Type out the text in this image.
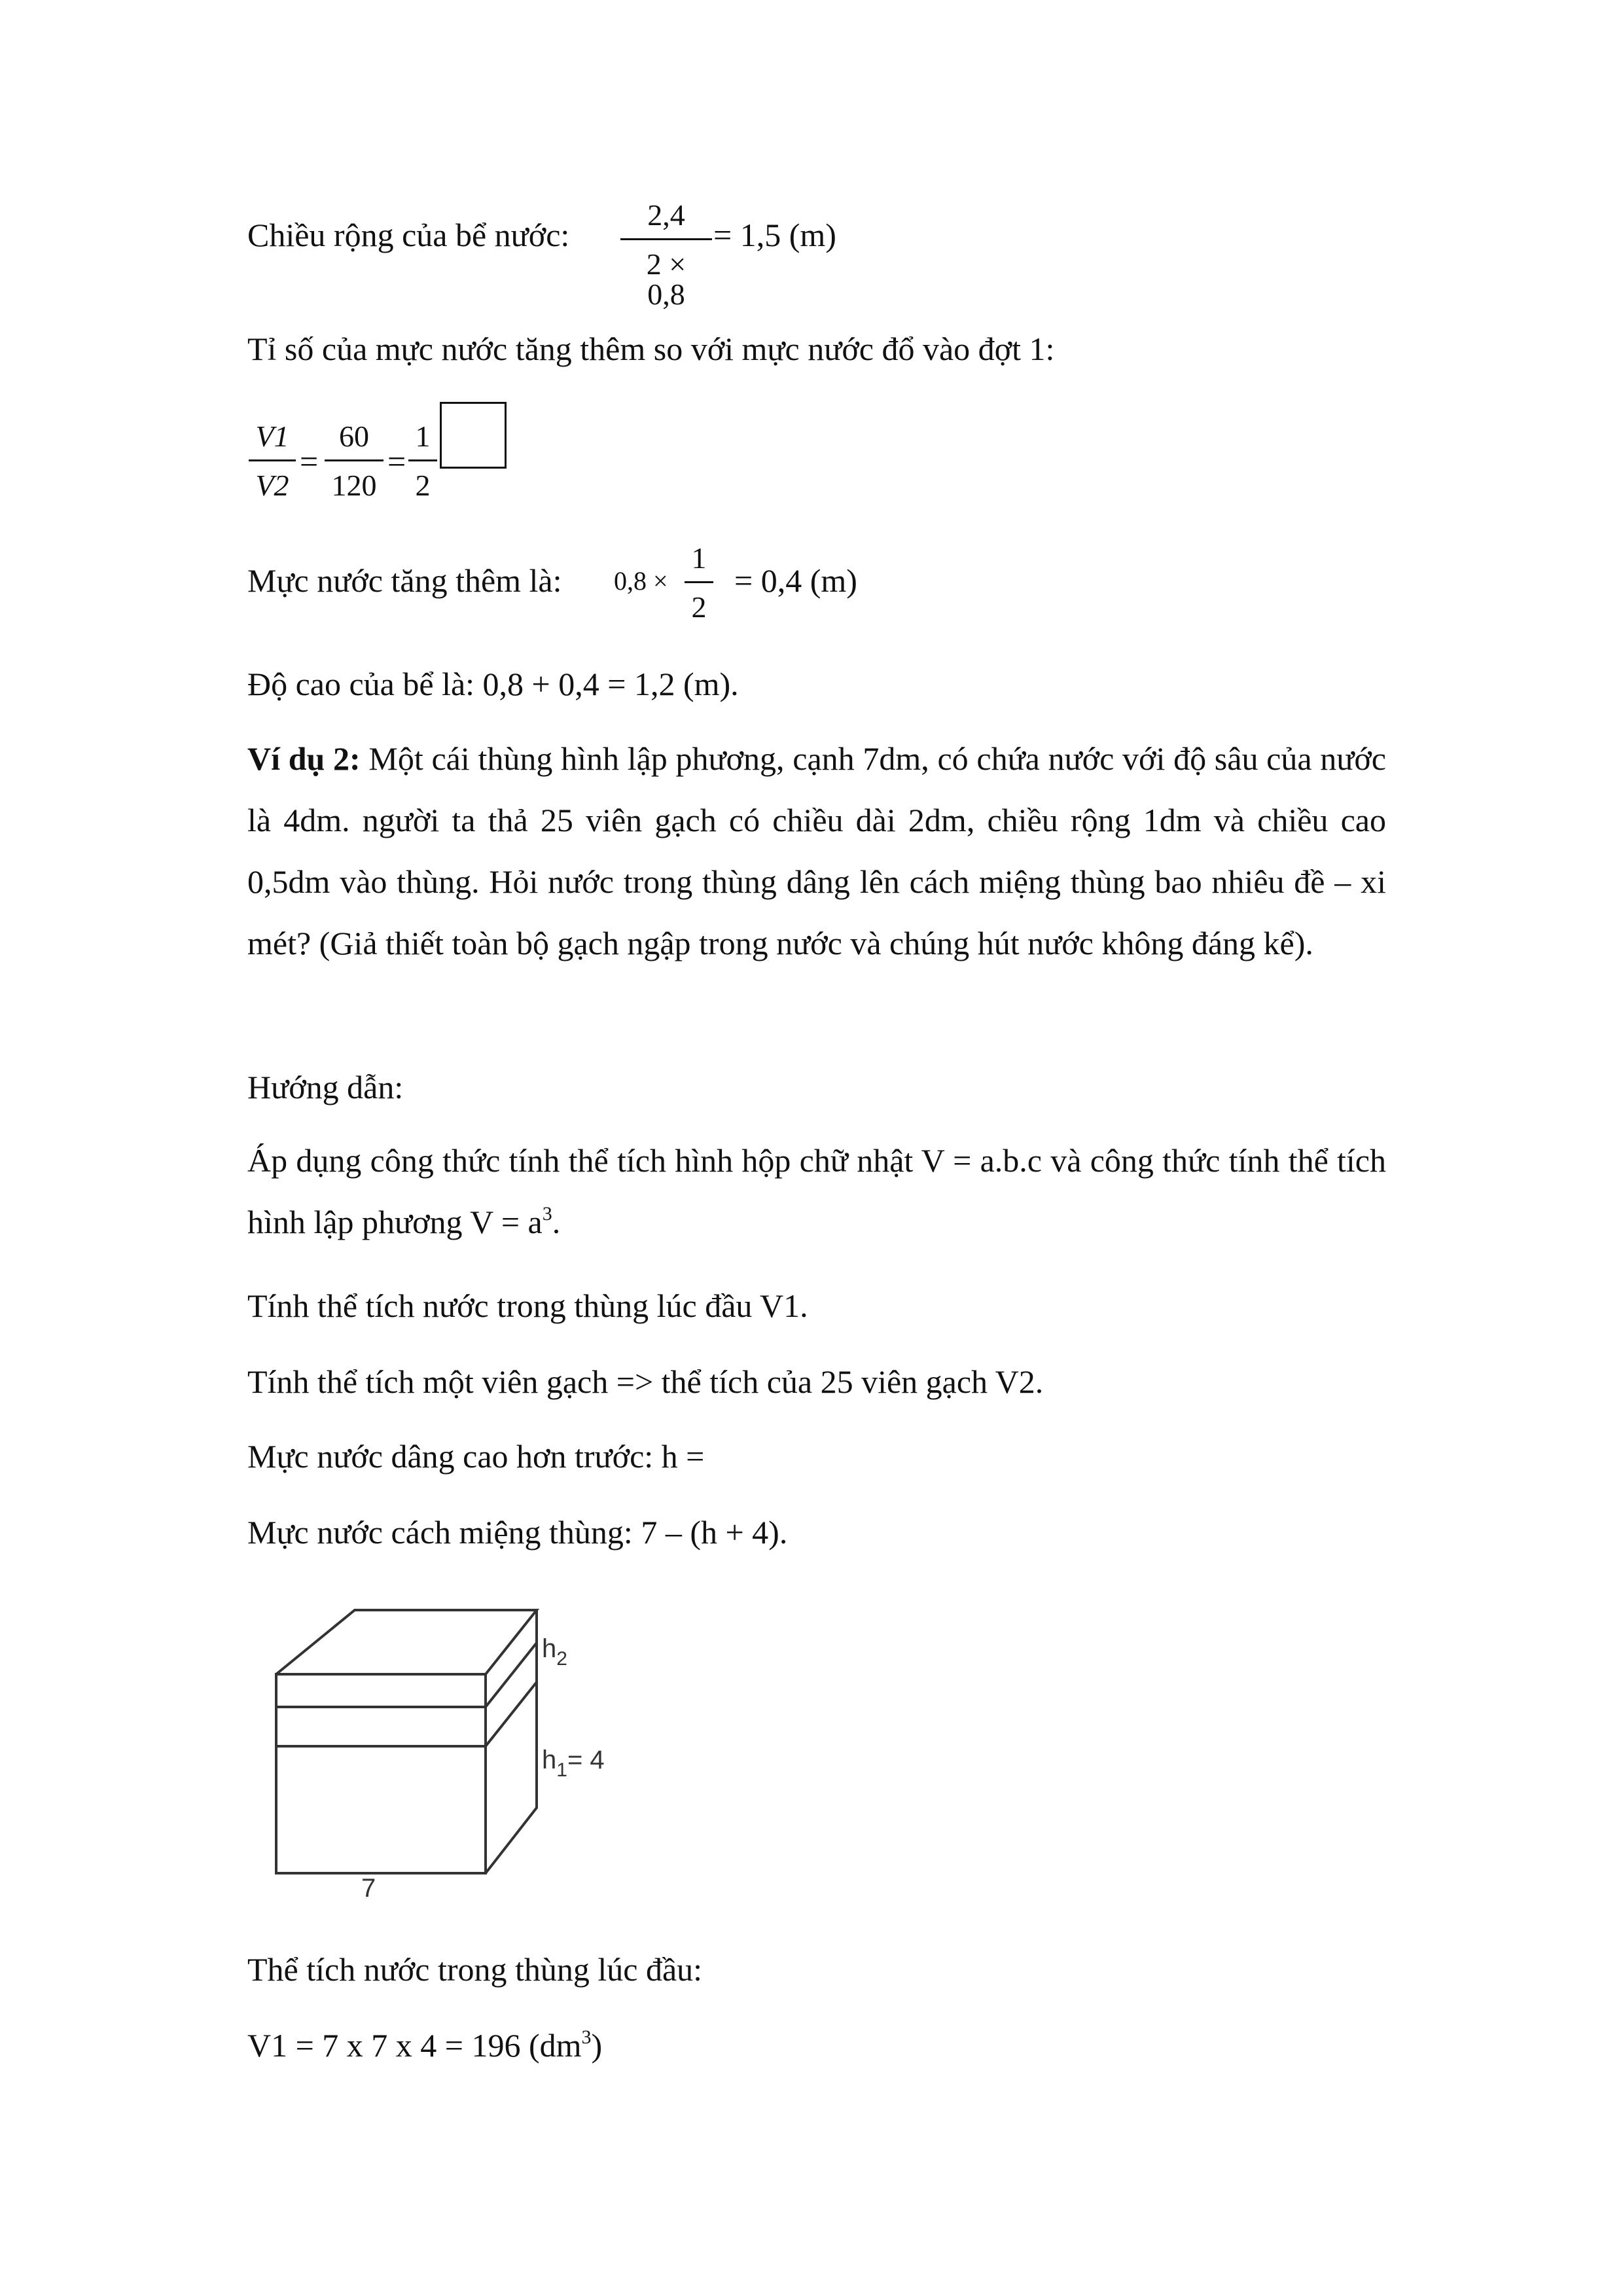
Chiều rộng của bể nước:
2,4
2 × 0,8
= 1,5 (m)
Tỉ số của mực nước tăng thêm so với mực nước đổ vào đợt 1:
V1
V2
=
60
120
=
1
2
Mực nước tăng thêm là: 0,8 ×
1
2
= 0,4 (m)
Độ cao của bể là: 0,8 + 0,4 = 1,2 (m).
Ví dụ 2: Một cái thùng hình lập phương, cạnh 7dm, có chứa nước với độ sâu của nước là 4dm. người ta thả 25 viên gạch có chiều dài 2dm, chiều rộng 1dm và chiều cao 0,5dm vào thùng. Hỏi nước trong thùng dâng lên cách miệng thùng bao nhiêu đề – xi mét? (Giả thiết toàn bộ gạch ngập trong nước và chúng hút nước không đáng kể).
Hướng dẫn:
Áp dụng công thức tính thể tích hình hộp chữ nhật V = a.b.c và công thức tính thể tích hình lập phương $V = a^3$.
Tính thể tích nước trong thùng lúc đầu V1.
Tính thể tích một viên gạch => thể tích của 25 viên gạch V2.
Mực nước dâng cao hơn trước: h =
Mực nước cách miệng thùng: 7 – (h + 4).
$h_2$
$h_1= 4$
7
Thể tích nước trong thùng lúc đầu:
V1 = 7 x 7 x 4 = 196 $(dm^3)$
